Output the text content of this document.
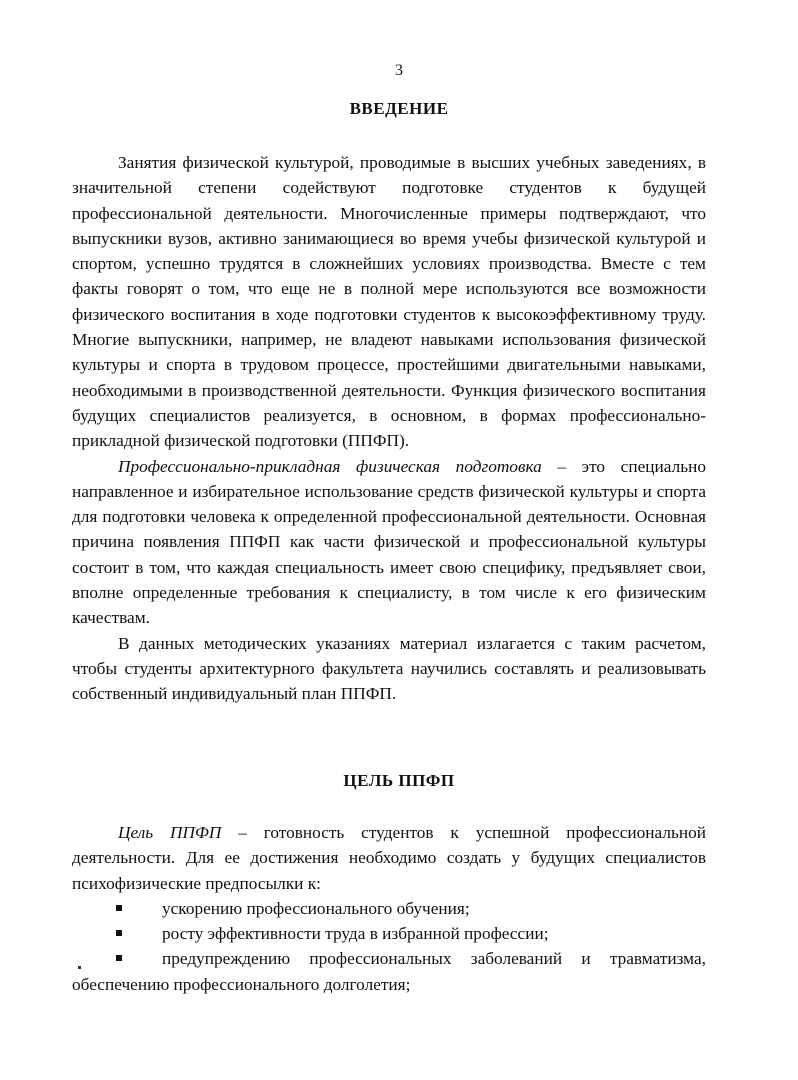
3
ВВЕДЕНИЕ

Занятия физической культурой, проводимые в высших учебных заведениях, в значительной степени содействуют подготовке студентов к будущей профессиональной деятельности. Многочисленные примеры подтверждают, что выпускники вузов, активно занимающиеся во время учебы физической культурой и спортом, успешно трудятся в сложнейших условиях производства. Вместе с тем факты говорят о том, что еще не в полной мере используются все возможности физического воспитания в ходе подготовки студентов к высокоэффективному труду. Многие выпускники, например, не владеют навыками использования физической культуры и спорта в трудовом процессе, простейшими двигательными навыками, необходимыми в производственной деятельности. Функция физического воспитания будущих специалистов реализуется, в основном, в формах профессионально-прикладной физической подготовки (ППФП).

Профессионально-прикладная физическая подготовка – это специально направленное и избирательное использование средств физической культуры и спорта для подготовки человека к определенной профессиональной деятельности. Основная причина появления ППФП как части физической и профессиональной культуры состоит в том, что каждая специальность имеет свою специфику, предъявляет свои, вполне определенные требования к специалисту, в том числе к его физическим качествам.

В данных методических указаниях материал излагается с таким расчетом, чтобы студенты архитектурного факультета научились составлять и реализовывать собственный индивидуальный план ППФП.

ЦЕЛЬ ППФП

Цель ППФП – готовность студентов к успешной профессиональной деятельности. Для ее достижения необходимо создать у будущих специалистов психофизические предпосылки к:

ускорению профессионального обучения;
росту эффективности труда в избранной профессии;
предупреждению профессиональных заболеваний и травматизма, обеспечению профессионального долголетия;
